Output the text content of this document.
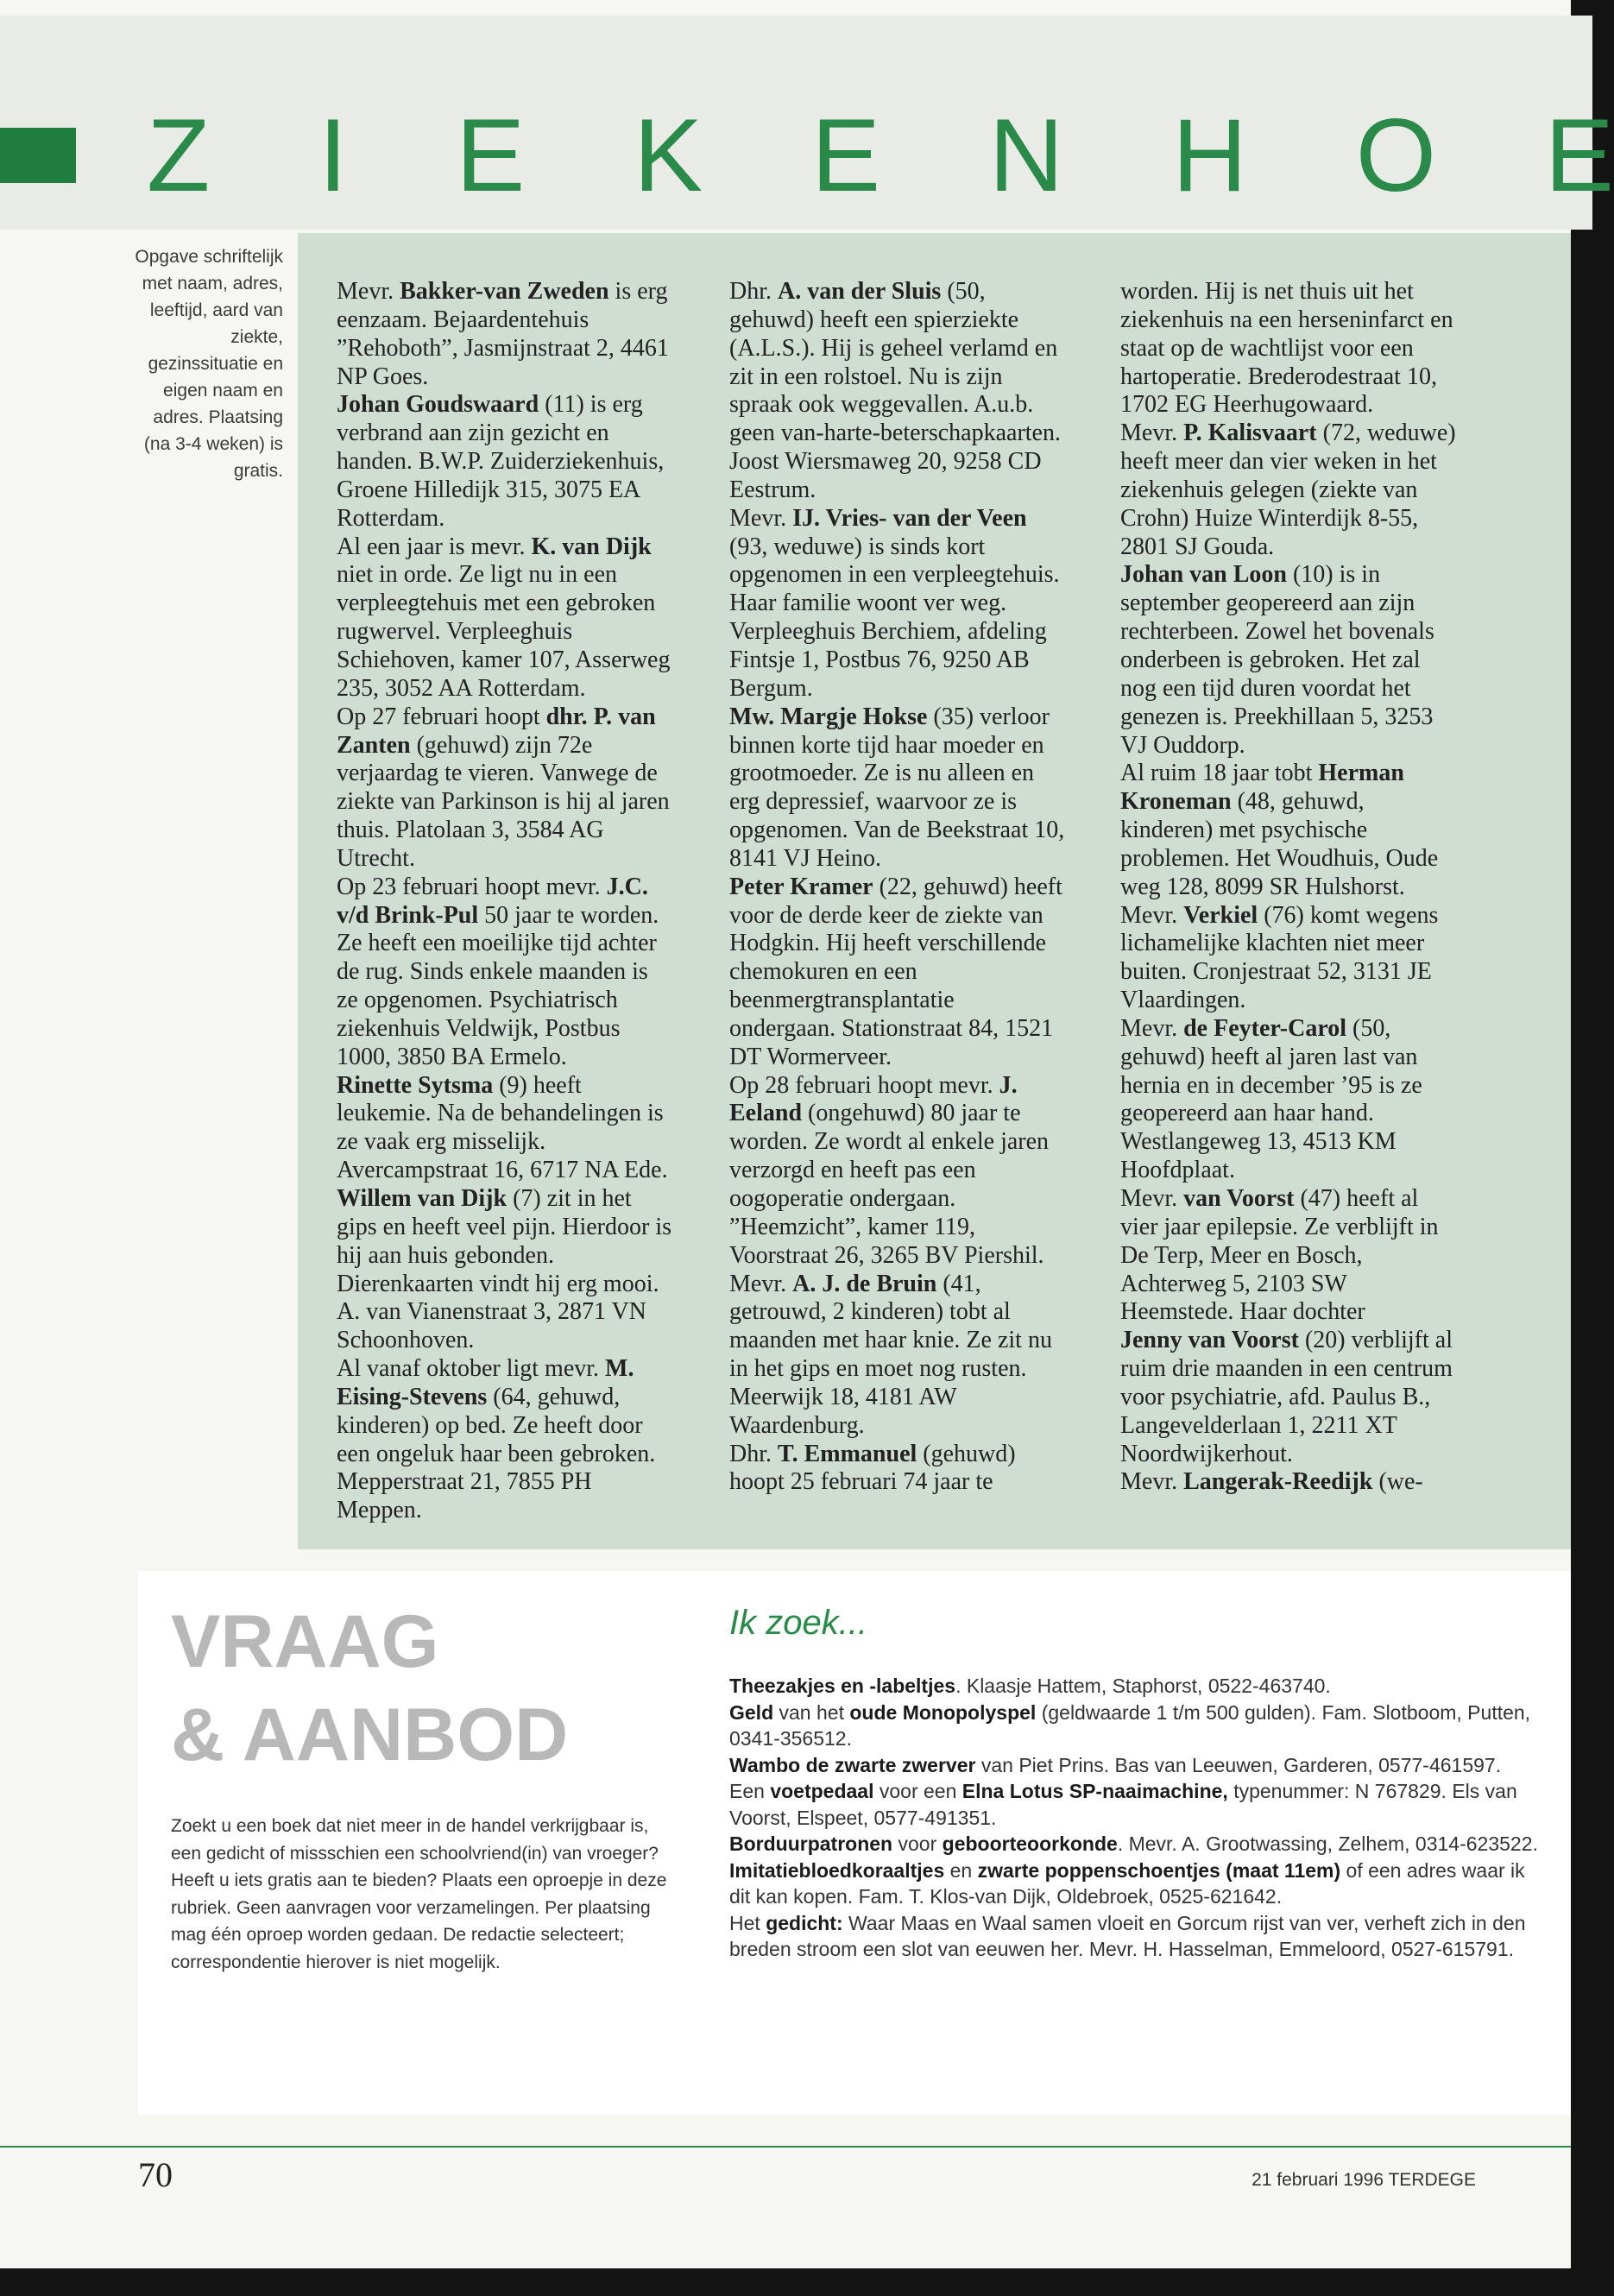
Z I E K E N H O E
Opgave schriftelijk met naam, adres, leeftijd, aard van ziekte, gezinssituatie en eigen naam en adres. Plaatsing (na 3-4 weken) is gratis.

Mevr. Bakker-van Zweden is erg eenzaam. Bejaardentehuis ”Rehoboth”, Jasmijnstraat 2, 4461 NP Goes.

Johan Goudswaard (11) is erg verbrand aan zijn gezicht en handen. B.W.P. Zuiderziekenhuis, Groene Hilledijk 315, 3075 EA Rotterdam.

Al een jaar is mevr. K. van Dijk niet in orde. Ze ligt nu in een verpleegtehuis met een gebroken rugwervel. Verpleeghuis Schiehoven, kamer 107, Asserweg 235, 3052 AA Rotterdam.

Op 27 februari hoopt dhr. P. van Zanten (gehuwd) zijn 72e verjaardag te vieren. Vanwege de ziekte van Parkinson is hij al jaren thuis. Platolaan 3, 3584 AG Utrecht.

Op 23 februari hoopt mevr. J.C. v/d Brink-Pul 50 jaar te worden. Ze heeft een moeilijke tijd achter de rug. Sinds enkele maanden is ze opgenomen. Psychiatrisch ziekenhuis Veldwijk, Postbus 1000, 3850 BA Ermelo.

Rinette Sytsma (9) heeft leukemie. Na de behandelingen is ze vaak erg misselijk. Avercampstraat 16, 6717 NA Ede.

Willem van Dijk (7) zit in het gips en heeft veel pijn. Hierdoor is hij aan huis gebonden. Dierenkaarten vindt hij erg mooi. A. van Vianenstraat 3, 2871 VN Schoonhoven.

Al vanaf oktober ligt mevr. M. Eising-Stevens (64, gehuwd, kinderen) op bed. Ze heeft door een ongeluk haar been gebroken. Mepperstraat 21, 7855 PH Meppen.

Dhr. A. van der Sluis (50, gehuwd) heeft een spierziekte (A.L.S.). Hij is geheel verlamd en zit in een rolstoel. Nu is zijn spraak ook weggevallen. A.u.b. geen van-harte-beterschapkaarten. Joost Wiersmaweg 20, 9258 CD Eestrum.

Mevr. IJ. Vries- van der Veen (93, weduwe) is sinds kort opgenomen in een verpleegtehuis. Haar familie woont ver weg. Verpleeghuis Berchiem, afdeling Fintsje 1, Postbus 76, 9250 AB Bergum.

Mw. Margje Hokse (35) verloor binnen korte tijd haar moeder en grootmoeder. Ze is nu alleen en erg depressief, waarvoor ze is opgenomen. Van de Beekstraat 10, 8141 VJ Heino.

Peter Kramer (22, gehuwd) heeft voor de derde keer de ziekte van Hodgkin. Hij heeft verschillende chemokuren en een beenmergtransplantatie ondergaan. Stationstraat 84, 1521 DT Wormerveer.

Op 28 februari hoopt mevr. J. Eeland (ongehuwd) 80 jaar te worden. Ze wordt al enkele jaren verzorgd en heeft pas een oogoperatie ondergaan. ”Heemzicht”, kamer 119, Voorstraat 26, 3265 BV Piershil.

Mevr. A. J. de Bruin (41, getrouwd, 2 kinderen) tobt al maanden met haar knie. Ze zit nu in het gips en moet nog rusten. Meerwijk 18, 4181 AW Waardenburg.

Dhr. T. Emmanuel (gehuwd) hoopt 25 februari 74 jaar te

worden. Hij is net thuis uit het ziekenhuis na een herseninfarct en staat op de wachtlijst voor een hartoperatie. Brederodestraat 10, 1702 EG Heerhugowaard.

Mevr. P. Kalisvaart (72, weduwe) heeft meer dan vier weken in het ziekenhuis gelegen (ziekte van Crohn) Huize Winterdijk 8-55, 2801 SJ Gouda.

Johan van Loon (10) is in september geopereerd aan zijn rechterbeen. Zowel het bovenals onderbeen is gebroken. Het zal nog een tijd duren voordat het genezen is. Preekhillaan 5, 3253 VJ Ouddorp.

Al ruim 18 jaar tobt Herman Kroneman (48, gehuwd, kinderen) met psychische problemen. Het Woudhuis, Oude weg 128, 8099 SR Hulshorst.

Mevr. Verkiel (76) komt wegens lichamelijke klachten niet meer buiten. Cronjestraat 52, 3131 JE Vlaardingen.

Mevr. de Feyter-Carol (50, gehuwd) heeft al jaren last van hernia en in december ’95 is ze geopereerd aan haar hand. Westlangeweg 13, 4513 KM Hoofdplaat.

Mevr. van Voorst (47) heeft al vier jaar epilepsie. Ze verblijft in De Terp, Meer en Bosch, Achterweg 5, 2103 SW Heemstede. Haar dochter

Jenny van Voorst (20) verblijft al ruim drie maanden in een centrum voor psychiatrie, afd. Paulus B., Langevelderlaan 1, 2211 XT Noordwijkerhout.

Mevr. Langerak-Reedijk (we-

VRAAG
& AANBOD
Zoekt u een boek dat niet meer in de handel verkrijgbaar is, een gedicht of missschien een schoolvriend(in) van vroeger? Heeft u iets gratis aan te bieden? Plaats een oproepje in deze rubriek. Geen aanvragen voor verzamelingen. Per plaatsing mag één oproep worden gedaan. De redactie selecteert; correspondentie hierover is niet mogelijk.
Ik zoek...

Theezakjes en -labeltjes. Klaasje Hattem, Staphorst, 0522-463740.

Geld van het oude Monopolyspel (geldwaarde 1 t/m 500 gulden). Fam. Slotboom, Putten, 0341-356512.

Wambo de zwarte zwerver van Piet Prins. Bas van Leeuwen, Garderen, 0577-461597.

Een voetpedaal voor een Elna Lotus SP-naaimachine, typenummer: N 767829. Els van Voorst, Elspeet, 0577-491351.

Borduurpatronen voor geboorteoorkonde. Mevr. A. Grootwassing, Zelhem, 0314-623522.

Imitatiebloedkoraaltjes en zwarte poppenschoentjes (maat 11em) of een adres waar ik dit kan kopen. Fam. T. Klos-van Dijk, Oldebroek, 0525-621642.

Het gedicht: Waar Maas en Waal samen vloeit en Gorcum rijst van ver, verheft zich in den breden stroom een slot van eeuwen her. Mevr. H. Hasselman, Emmeloord, 0527-615791.

70	21 februari 1996 TERDEGE
